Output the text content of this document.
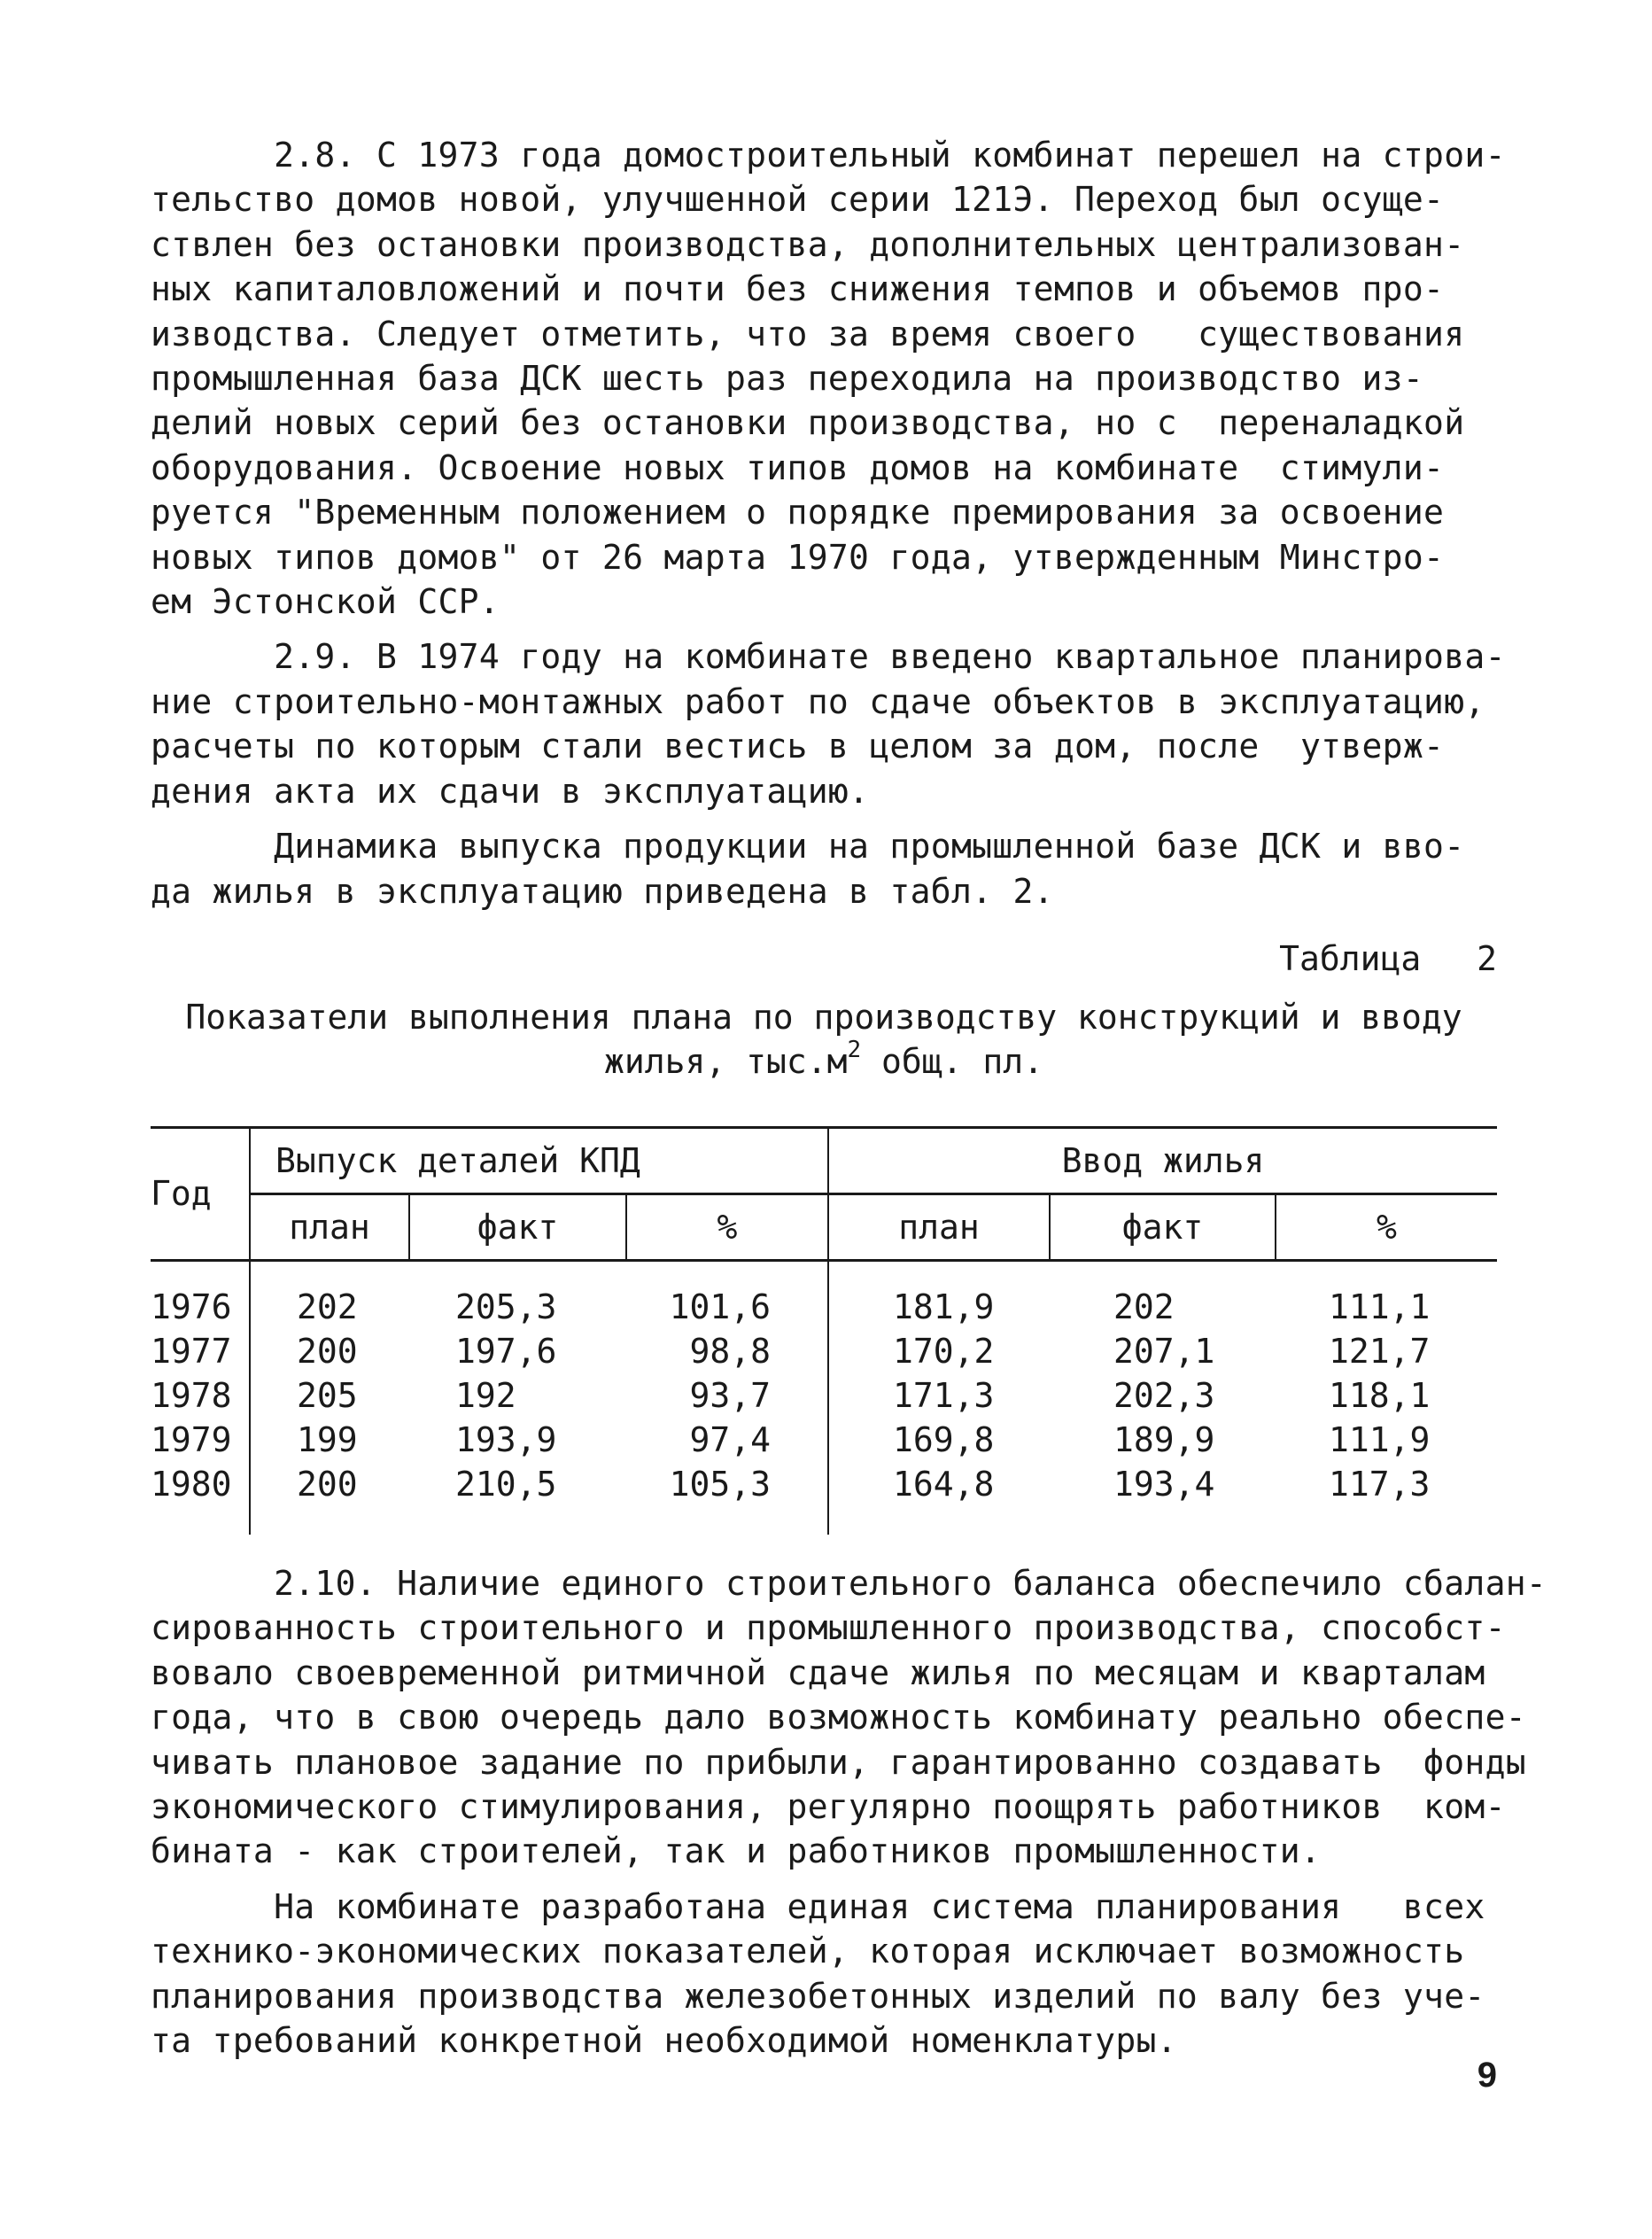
2.8. С 1973 года домостроительный комбинат перешел на строи-
тельство домов новой, улучшенной серии 121Э. Переход был осуще-
ствлен без остановки производства, дополнительных централизован-
ных капиталовложений и почти без снижения темпов и объемов про-
изводства. Следует отметить, что за время своего   существования
промышленная база ДСК шесть раз переходила на производство из-
делий новых серий без остановки производства, но с  переналадкой
оборудования. Освоение новых типов домов на комбинате  стимули-
руется "Временным положением о порядке премирования за освоение
новых типов домов" от 26 марта 1970 года, утвержденным Минстро-
ем Эстонской ССР.

2.9. В 1974 году на комбинате введено квартальное планирова-
ние строительно-монтажных работ по сдаче объектов в эксплуатацию,
расчеты по которым стали вестись в целом за дом, после  утверж-
дения акта их сдачи в эксплуатацию.

Динамика выпуска продукции на промышленной базе ДСК и вво-
да жилья в эксплуатацию приведена в табл. 2.

Таблица 2
Показатели выполнения плана по производству конструкций и вводу
жилья, $тыс.м^2$ общ. пл.
Год	Выпуск деталей КПД			Ввод жилья		
	план	факт	%	план	факт	%
1976	202	205,3	101,6	181,9	202	111,1
1977	200	197,6	98,8	170,2	207,1	121,7
1978	205	192	93,7	171,3	202,3	118,1
1979	199	193,9	97,4	169,8	189,9	111,9
1980	200	210,5	105,3	164,8	193,4	117,3

2.10. Наличие единого строительного баланса обеспечило сбалан-
сированность строительного и промышленного производства, способст-
вовало своевременной ритмичной сдаче жилья по месяцам и кварталам
года, что в свою очередь дало возможность комбинату реально обеспе-
чивать плановое задание по прибыли, гарантированно создавать  фонды
экономического стимулирования, регулярно поощрять работников  ком-
бината - как строителей, так и работников промышленности.

На комбинате разработана единая система планирования   всех
технико-экономических показателей, которая исключает возможность
планирования производства железобетонных изделий по валу без уче-
та требований конкретной необходимой номенклатуры.

9
